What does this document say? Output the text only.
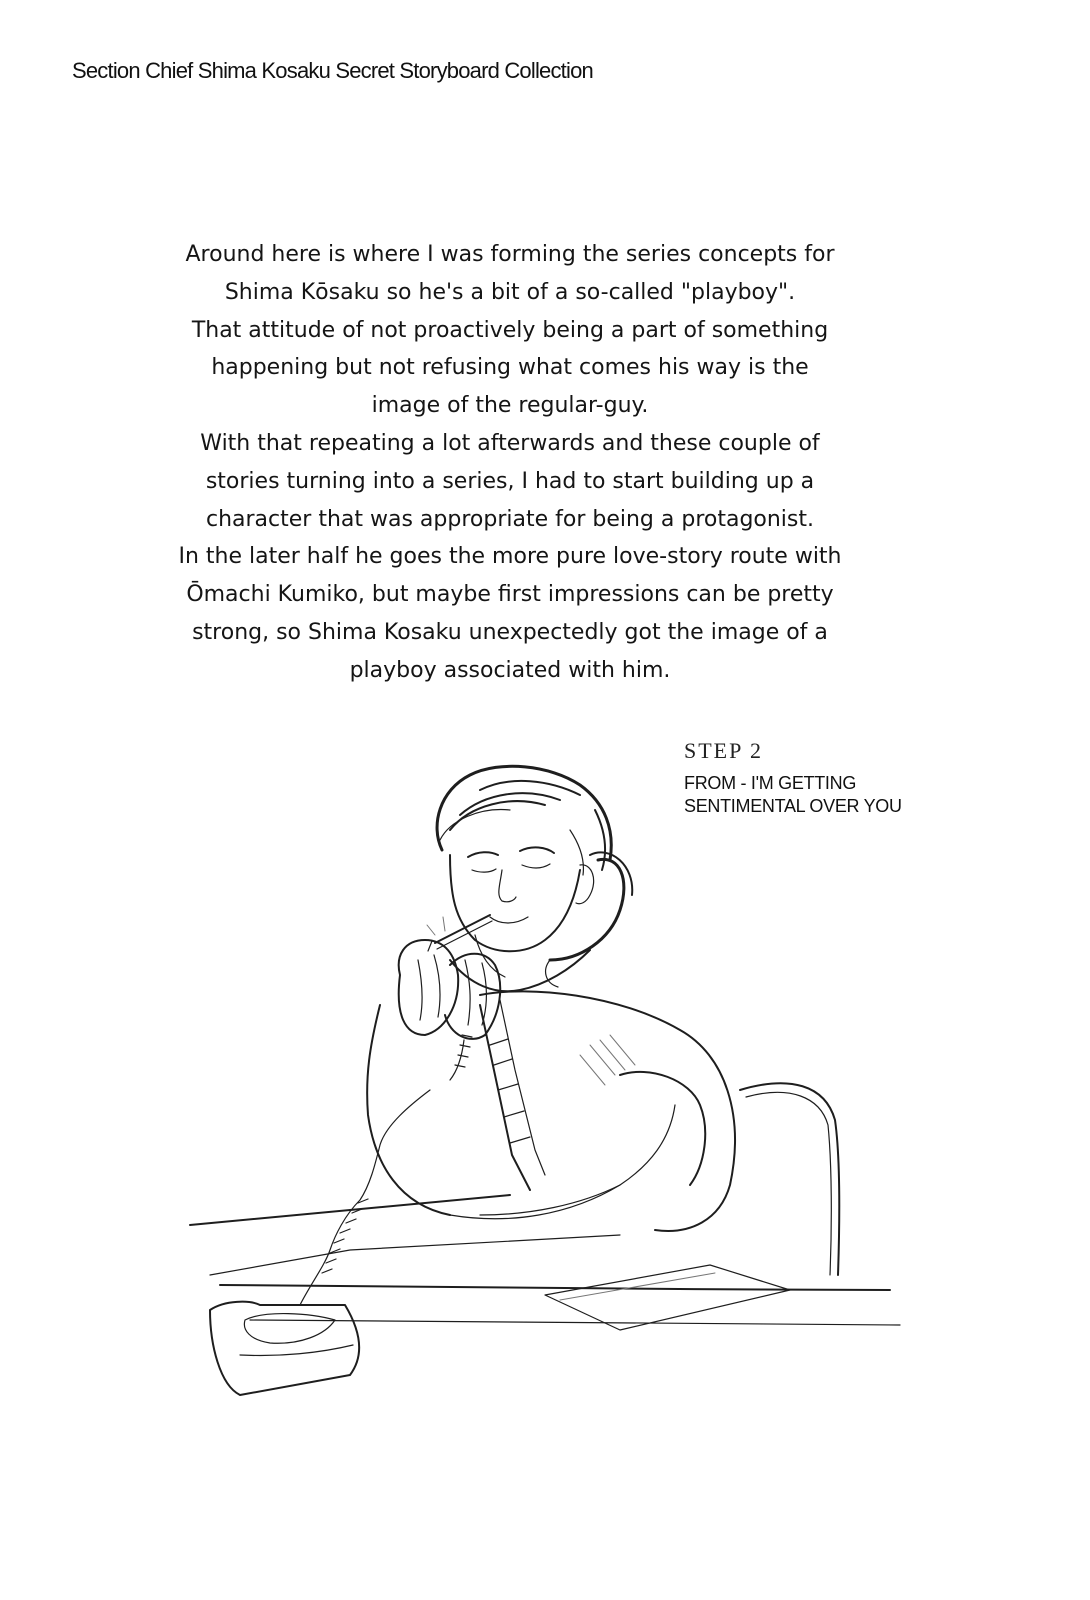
Section Chief Shima Kosaku Secret Storyboard Collection
Around here is where I was forming the series concepts for
Shima Kōsaku so he's a bit of a so-called "playboy".
That attitude of not proactively being a part of something
happening but not refusing what comes his way is the
image of the regular-guy.
With that repeating a lot afterwards and these couple of
stories turning into a series, I had to start building up a
character that was appropriate for being a protagonist.
In the later half he goes the more pure love-story route with
Ōmachi Kumiko, but maybe first impressions can be pretty
strong, so Shima Kosaku unexpectedly got the image of a
playboy associated with him.
STEP 2
FROM - I'M GETTING
SENTIMENTAL OVER YOU
